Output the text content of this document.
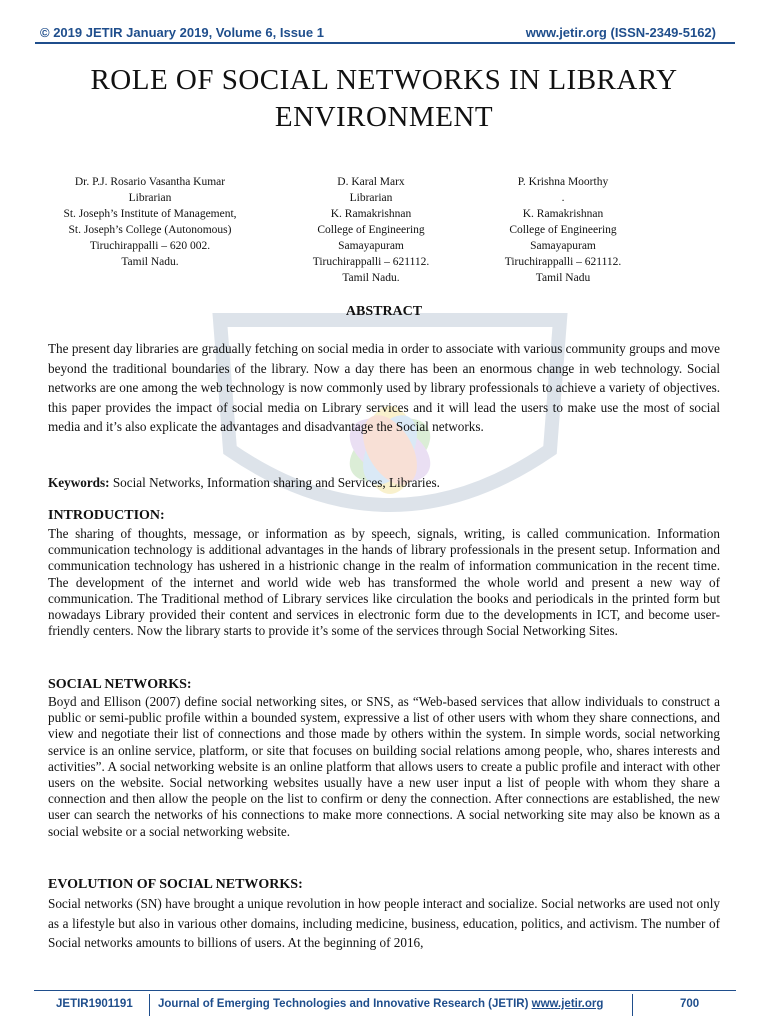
© 2019 JETIR January 2019, Volume 6, Issue 1	www.jetir.org (ISSN-2349-5162)
ROLE OF SOCIAL NETWORKS IN LIBRARY
ENVIRONMENT
Dr. P.J. Rosario Vasantha Kumar
Librarian
St. Joseph’s Institute of Management,
St. Joseph’s College (Autonomous)
Tiruchirappalli – 620 002.
Tamil Nadu.
D. Karal Marx
Librarian
K. Ramakrishnan
College of Engineering
Samayapuram
Tiruchirappalli – 621112.
Tamil Nadu.
P. Krishna Moorthy
.
K. Ramakrishnan
College of Engineering
Samayapuram
Tiruchirappalli – 621112.
Tamil Nadu
ABSTRACT
The present day libraries are gradually fetching on social media in order to associate with various community groups and move beyond the traditional boundaries of the library. Now a day there has been an enormous change in web technology. Social networks are one among the web technology is now commonly used by library professionals to achieve a variety of objectives. this paper provides the impact of social media on Library services and it will lead the users to make use the most of social media and it’s also explicate the advantages and disadvantage the Social networks.
Keywords: Social Networks, Information sharing and Services, Libraries.
INTRODUCTION:
The sharing of thoughts, message, or information as by speech, signals, writing, is called communication. Information communication technology is additional advantages in the hands of library professionals in the present setup. Information and communication technology has ushered in a histrionic change in the realm of information communication in the recent time. The development of the internet and world wide web has transformed the whole world and present a new way of communication. The Traditional method of Library services like circulation the books and periodicals in the printed form but nowadays Library provided their content and services in electronic form due to the developments in ICT, and become user-friendly centers. Now the library starts to provide it’s some of the services through Social Networking Sites.
SOCIAL NETWORKS:
Boyd and Ellison (2007) define social networking sites, or SNS, as “Web-based services that allow individuals to construct a public or semi-public profile within a bounded system, expressive a list of other users with whom they share connections, and view and negotiate their list of connections and those made by others within the system. In simple words, social networking service is an online service, platform, or site that focuses on building social relations among people, who, shares interests and activities”. A social networking website is an online platform that allows users to create a public profile and interact with other users on the website. Social networking websites usually have a new user input a list of people with whom they share a connection and then allow the people on the list to confirm or deny the connection. After connections are established, the new user can search the networks of his connections to make more connections. A social networking site may also be known as a social website or a social networking website.
EVOLUTION OF SOCIAL NETWORKS:
Social networks (SN) have brought a unique revolution in how people interact and socialize. Social networks are used not only as a lifestyle but also in various other domains, including medicine, business, education, politics, and activism. The number of Social networks amounts to billions of users. At the beginning of 2016,
JETIR1901191 Journal of Emerging Technologies and Innovative Research (JETIR) www.jetir.org	700
